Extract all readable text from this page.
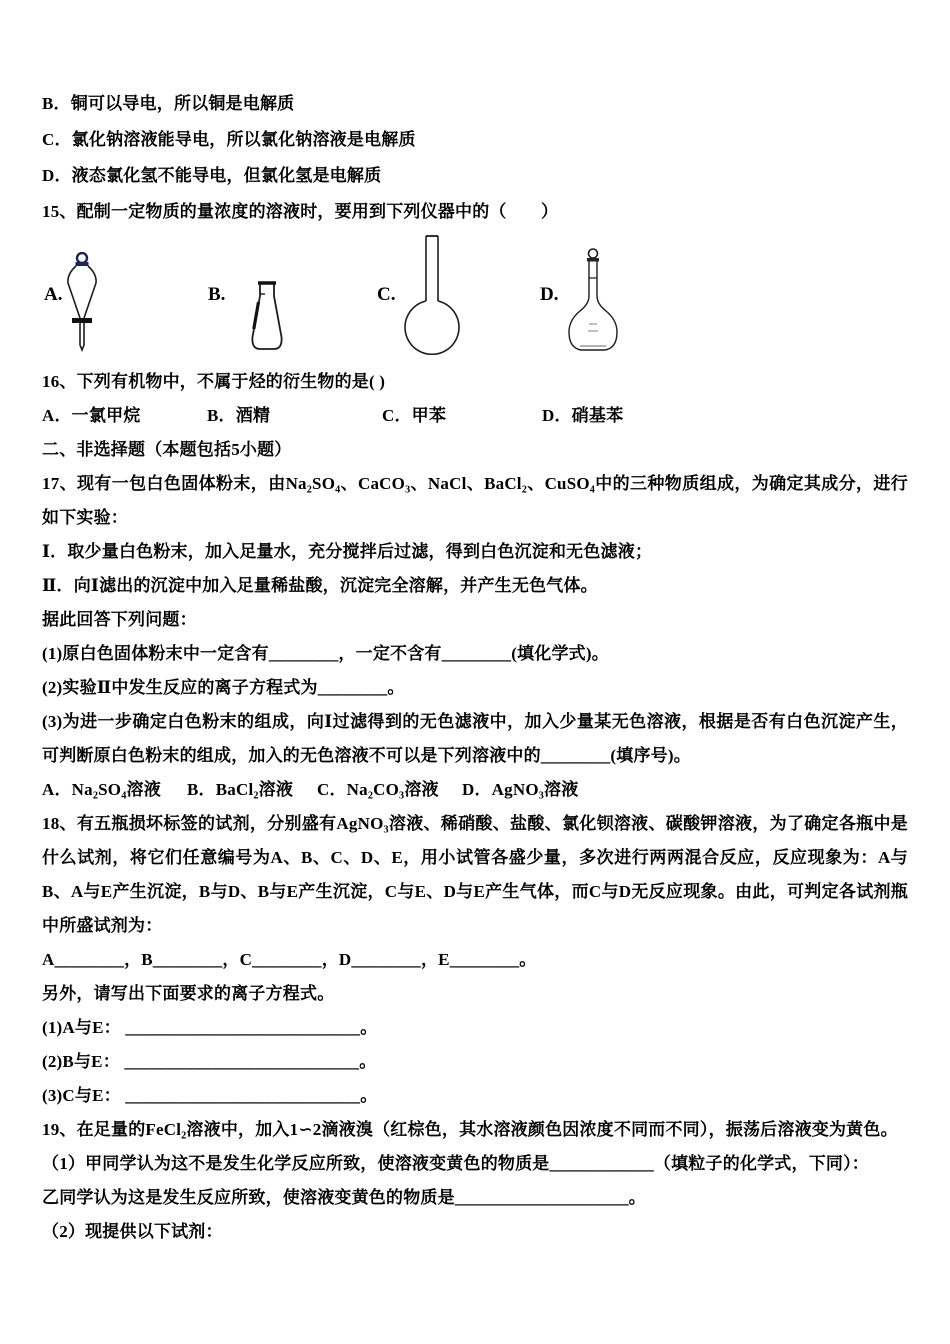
B．铜可以导电，所以铜是电解质
C．氯化钠溶液能导电，所以氯化钠溶液是电解质
D．液态氯化氢不能导电，但氯化氢是电解质
15、配制一定物质的量浓度的溶液时，要用到下列仪器中的（　　）
A.	B.	C.	D.
16、下列有机物中，不属于烃的衍生物的是( )
A．一氯甲烷	B．酒精	C．甲苯	D．硝基苯
二、非选择题（本题包括5小题）
17、现有一包白色固体粉末，由Na₂SO₄、CaCO₃、NaCl、BaCl₂、CuSO₄中的三种物质组成，为确定其成分，进行如下实验：
Ⅰ．取少量白色粉末，加入足量水，充分搅拌后过滤，得到白色沉淀和无色滤液；
Ⅱ．向Ⅰ滤出的沉淀中加入足量稀盐酸，沉淀完全溶解，并产生无色气体。
据此回答下列问题：
(1)原白色固体粉末中一定含有________，一定不含有________(填化学式)。
(2)实验Ⅱ中发生反应的离子方程式为________。
(3)为进一步确定白色粉末的组成，向Ⅰ过滤得到的无色滤液中，加入少量某无色溶液，根据是否有白色沉淀产生，可判断原白色粉末的组成，加入的无色溶液不可以是下列溶液中的________(填序号)。
A．Na₂SO₄溶液	B．BaCl₂溶液	C．Na₂CO₃溶液	D．AgNO₃溶液
18、有五瓶损坏标签的试剂，分别盛有AgNO₃溶液、稀硝酸、盐酸、氯化钡溶液、碳酸钾溶液，为了确定各瓶中是什么试剂，将它们任意编号为A、B、C、D、E，用小试管各盛少量，多次进行两两混合反应，反应现象为：A与B、A与E产生沉淀，B与D、B与E产生沉淀，C与E、D与E产生气体，而C与D无反应现象。由此，可判定各试剂瓶中所盛试剂为：
A________，B________，C________，D________，E________。
另外，请写出下面要求的离子方程式。
(1)A与E： ___________________________。
(2)B与E： ___________________________。
(3)C与E： ___________________________。
19、在足量的FeCl₂溶液中，加入1∽2滴液溴（红棕色，其水溶液颜色因浓度不同而不同），振荡后溶液变为黄色。
（1）甲同学认为这不是发生化学反应所致，使溶液变黄色的物质是____________（填粒子的化学式，下同）：
乙同学认为这是发生反应所致，使溶液变黄色的物质是____________________。
（2）现提供以下试剂：
